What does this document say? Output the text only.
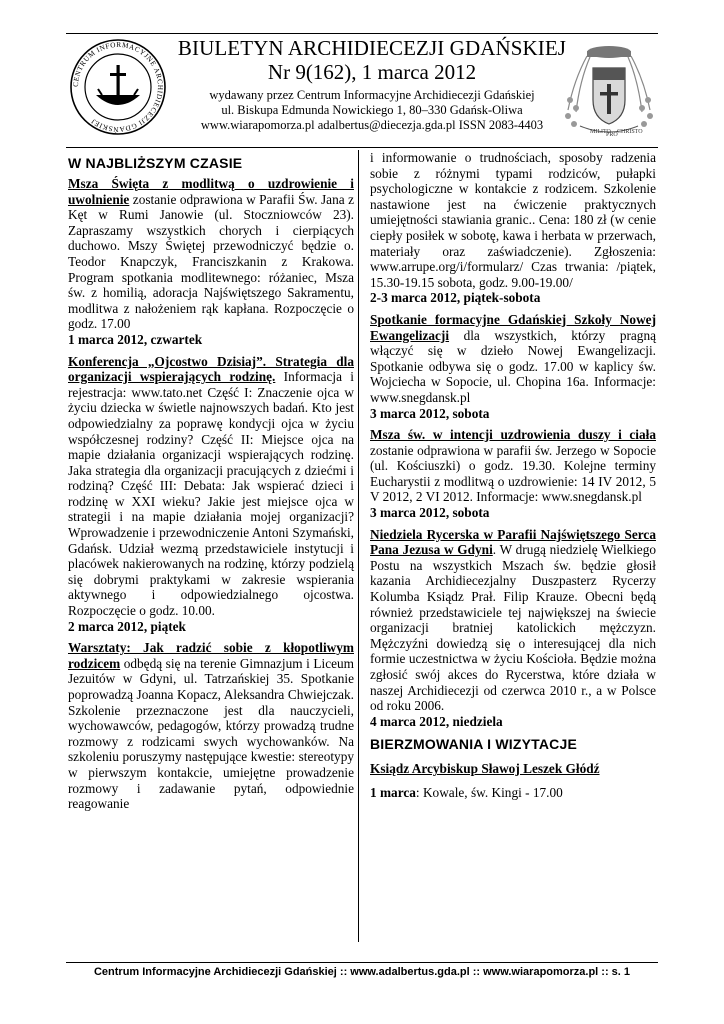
CENTRUM INFORMACYJNE ARCHIDIECEZJI GDAŃSKIEJ

BIULETYN ARCHIDIECEZJI GDAŃSKIEJ

Nr 9(162), 1 marca 2012

wydawany przez Centrum Informacyjne Archidiecezji Gdańskiej

ul. Biskupa Edmunda Nowickiego 1, 80–330 Gdańsk-Oliwa

www.wiarapomorza.pl adalbertus@diecezja.gda.pl ISSN 2083-4403	MILITO
PRO CHRISTO
W NAJBLIŻSZYM CZASIE

Msza Święta z modlitwą o uzdrowienie i uwolnienie zostanie odprawiona w Parafii Św. Jana z Kęt w Rumi Janowie (ul. Stoczniowców 23). Zapraszamy wszystkich chorych i cierpiących duchowo. Mszy Świętej przewodniczyć będzie o. Teodor Knapczyk, Franciszkanin z Krakowa. Program spotkania modlitewnego: różaniec, Msza św. z homilią, adoracja Najświętszego Sakramentu, modlitwa z nałożeniem rąk kapłana. Rozpoczęcie o godz. 17.00

1 marca 2012, czwartek

Konferencja „Ojcostwo Dzisiaj”. Strategia dla organizacji wspierających rodzinę. Informacja i rejestracja: www.tato.net Część I: Znaczenie ojca w życiu dziecka w świetle najnowszych badań. Kto jest odpowiedzialny za poprawę kondycji ojca w życiu współczesnej rodziny? Część II: Miejsce ojca na mapie działania organizacji wspierających rodzinę. Jaka strategia dla organizacji pracujących z dziećmi i rodziną? Część III: Debata: Jak wspierać dzieci i rodzinę w XXI wieku? Jakie jest miejsce ojca w strategii i na mapie działania mojej organizacji? Wprowadzenie i przewodniczenie Antoni Szymański, Gdańsk. Udział wezmą przedstawiciele instytucji i placówek nakierowanych na rodzinę, którzy podzielą się dobrymi praktykami w zakresie wspierania aktywnego i odpowiedzialnego ojcostwa. Rozpoczęcie o godz. 10.00.

2 marca 2012, piątek

Warsztaty: Jak radzić sobie z kłopotliwym rodzicem odbędą się na terenie Gimnazjum i Liceum Jezuitów w Gdyni, ul. Tatrzańskiej 35. Spotkanie poprowadzą Joanna Kopacz, Aleksandra Chwiejczak. Szkolenie przeznaczone jest dla nauczycieli, wychowawców, pedagogów, którzy prowadzą trudne rozmowy z rodzicami swych wychowanków. Na szkoleniu poruszymy następujące kwestie: stereotypy w pierwszym kontakcie, umiejętne prowadzenie rozmowy i zadawanie pytań, odpowiednie reagowanie

i informowanie o trudnościach, sposoby radzenia sobie z różnymi typami rodziców, pułapki psychologiczne w kontakcie z rodzicem. Szkolenie nastawione jest na ćwiczenie praktycznych umiejętności stawiania granic.. Cena: 180 zł (w cenie ciepły posiłek w sobotę, kawa i herbata w przerwach, materiały oraz zaświadczenie). Zgłoszenia: www.arrupe.org/i/formularz/ Czas trwania: /piątek, 15.30-19.15 sobota, godz. 9.00-19.00/

2-3 marca 2012, piątek-sobota

Spotkanie formacyjne Gdańskiej Szkoły Nowej Ewangelizacji dla wszystkich, którzy pragną włączyć się w dzieło Nowej Ewangelizacji. Spotkanie odbywa się o godz. 17.00 w kaplicy św. Wojciecha w Sopocie, ul. Chopina 16a. Informacje: www.snegdansk.pl

3 marca 2012, sobota

Msza św. w intencji uzdrowienia duszy i ciała zostanie odprawiona w parafii św. Jerzego w Sopocie (ul. Kościuszki) o godz. 19.30. Kolejne terminy Eucharystii z modlitwą o uzdrowienie: 14 IV 2012, 5 V 2012, 2 VI 2012. Informacje: www.snegdansk.pl

3 marca 2012, sobota

Niedziela Rycerska w Parafii Najświętszego Serca Pana Jezusa w Gdyni. W drugą niedzielę Wielkiego Postu na wszystkich Mszach św. będzie głosił kazania Archidiecezjalny Duszpasterz Rycerzy Kolumba Ksiądz Prał. Filip Krauze. Obecni będą również przedstawiciele tej największej na świecie organizacji bratniej katolickich mężczyzn. Mężczyźni dowiedzą się o interesującej dla nich formie uczestnictwa w życiu Kościoła. Będzie można zgłosić swój akces do Rycerstwa, które działa w naszej Archidiecezji od czerwca 2010 r., a w Polsce od roku 2006.

4 marca 2012, niedziela
BIERZMOWANIA I WIZYTACJE

Ksiądz Arcybiskup Sławoj Leszek Głódź

1 marca: Kowale, św. Kingi - 17.00

Centrum Informacyjne Archidiecezji Gdańskiej :: www.adalbertus.gda.pl :: www.wiarapomorza.pl :: s. 1
